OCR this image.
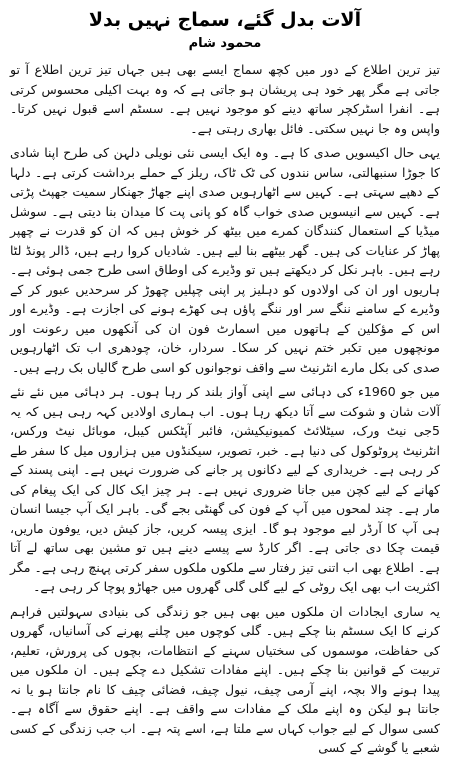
آلات بدل گئے، سماج نہیں بدلا
محمود شام

تیز ترین اطلاع کے دور میں کچھ سماج ایسے بھی ہیں جہاں تیز ترین اطلاع آ تو جاتی ہے مگر پھر خود ہی پریشان ہو جاتی ہے کہ وہ بہت اکیلی محسوس کرتی ہے۔ انفرا اسٹرکچر ساتھ دینے کو موجود نہیں ہے۔ سسٹم اسے قبول نہیں کرتا۔ واپس وہ جا نہیں سکتی۔ فائل بھاری رہتی ہے۔

یہی حال اکیسویں صدی کا ہے۔ وہ ایک ایسی نئی نویلی دلہن کی طرح اپنا شادی کا جوڑا سنبھالتی، ساس نندوں کی ٹک ٹاک، ریلز کے حملے برداشت کرتی ہے۔ دلہا کے دھپے سہتی ہے۔ کہیں سے اٹھارہویں صدی اپنے جھاڑ جھنکار سمیت جھپٹ پڑتی ہے۔ کہیں سے انیسویں صدی خواب گاہ کو پانی پت کا میدان بنا دیتی ہے۔ سوشل میڈیا کے استعمال کنندگان کمرے میں بیٹھ کر خوش ہیں کہ ان کو قدرت نے چھپر پھاڑ کر عنایات کی ہیں۔ گھر بیٹھے بنا لیے ہیں۔ شادیاں کروا رہے ہیں، ڈالر پونڈ لٹا رہے ہیں۔ باہر نکل کر دیکھتے ہیں تو وڈیرے کی اوطاق اسی طرح جمی ہوئی ہے۔ ہاریوں اور ان کی اولادوں کو دہلیز پر اپنی چپلیں چھوڑ کر سرحدیں عبور کر کے وڈیرے کے سامنے ننگے سر اور ننگے پاؤں ہی کھڑے ہونے کی اجازت ہے۔ وڈیرے اور اس کے مؤکلین کے ہاتھوں میں اسمارٹ فون ان کی آنکھوں میں رعونت اور مونچھوں میں تکبر ختم نہیں کر سکا۔ سردار، خان، چودھری اب تک اٹھارہویں صدی کی بکل مارے انٹرنیٹ سے واقف نوجوانوں کو اسی طرح گالیاں بک رہے ہیں۔

میں جو 1960ء کی دہائی سے اپنی آواز بلند کر رہا ہوں۔ ہر دہائی میں نئے نئے آلات شان و شوکت سے آتا دیکھ رہا ہوں۔ اب ہماری اولادیں کہہ رہی ہیں کہ یہ 5جی نیٹ ورک، سیٹلائٹ کمیونیکیشن، فائبر آپٹکس کیبل، موبائل نیٹ ورکس، انٹرنیٹ پروٹوکول کی دنیا ہے۔ خبر، تصویر، سیکنڈوں میں ہزاروں میل کا سفر طے کر رہی ہے۔ خریداری کے لیے دکانوں پر جانے کی ضرورت نہیں ہے۔ اپنی پسند کے کھانے کے لیے کچن میں جانا ضروری نہیں ہے۔ ہر چیز ایک کال کی ایک پیغام کی مار ہے۔ چند لمحوں میں آپ کے فون کی گھنٹی بجے گی۔ باہر ایک آپ جیسا انسان ہی آپ کا آرڈر لیے موجود ہو گا۔ ایزی پیسہ کریں، جاز کیش دیں، یوفون ماریں، قیمت چکا دی جاتی ہے۔ اگر کارڈ سے پیسے دینے ہیں تو مشین بھی ساتھ لے آتا ہے۔ اطلاع بھی اب اتنی تیز رفتار سے ملکوں ملکوں سفر کرتی پہنچ رہی ہے۔ مگر اکثریت اب بھی ایک روٹی کے لیے گلی گلی گھروں میں جھاڑو پوچا کر رہی ہے۔

یہ ساری ایجادات ان ملکوں میں بھی ہیں جو زندگی کی بنیادی سہولتیں فراہم کرنے کا ایک سسٹم بنا چکے ہیں۔ گلی کوچوں میں چلنے پھرنے کی آسانیاں، گھروں کی حفاظت، موسموں کی سختیاں سہنے کے انتظامات، بچوں کی پرورش، تعلیم، تربیت کے قوانین بنا چکے ہیں۔ اپنے مفادات تشکیل دے چکے ہیں۔ ان ملکوں میں پیدا ہونے والا بچہ، اپنے آرمی چیف، نیول چیف، فضائی چیف کا نام جانتا ہو یا نہ جانتا ہو لیکن وہ اپنے ملک کے مفادات سے واقف ہے۔ اپنے حقوق سے آگاہ ہے۔ کسی سوال کے لیے جواب کہاں سے ملتا ہے، اسے پتہ ہے۔ اب جب زندگی کے کسی شعبے یا گوشے کے کسی
